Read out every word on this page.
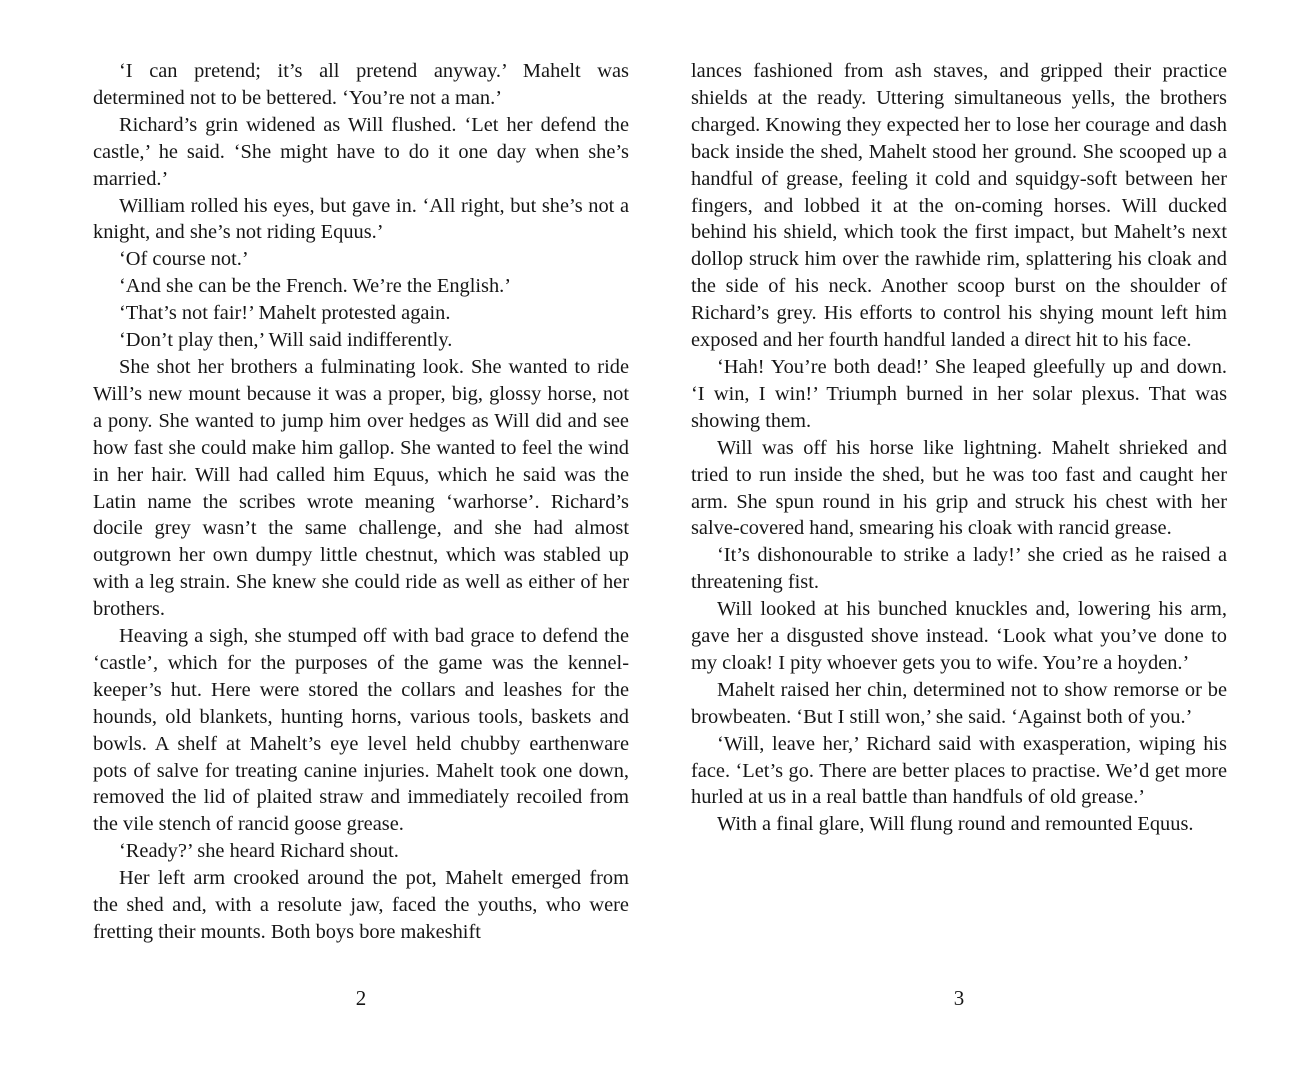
‘I can pretend; it’s all pretend anyway.’ Mahelt was determined not to be bettered. ‘You’re not a man.’

Richard’s grin widened as Will flushed. ‘Let her defend the castle,’ he said. ‘She might have to do it one day when she’s married.’

William rolled his eyes, but gave in. ‘All right, but she’s not a knight, and she’s not riding Equus.’

‘Of course not.’

‘And she can be the French. We’re the English.’

‘That’s not fair!’ Mahelt protested again.

‘Don’t play then,’ Will said indifferently.

She shot her brothers a fulminating look. She wanted to ride Will’s new mount because it was a proper, big, glossy horse, not a pony. She wanted to jump him over hedges as Will did and see how fast she could make him gallop. She wanted to feel the wind in her hair. Will had called him Equus, which he said was the Latin name the scribes wrote meaning ‘warhorse’. Richard’s docile grey wasn’t the same challenge, and she had almost outgrown her own dumpy little chestnut, which was stabled up with a leg strain. She knew she could ride as well as either of her brothers.

Heaving a sigh, she stumped off with bad grace to defend the ‘castle’, which for the purposes of the game was the kennel-keeper’s hut. Here were stored the collars and leashes for the hounds, old blankets, hunting horns, various tools, baskets and bowls. A shelf at Mahelt’s eye level held chubby earthenware pots of salve for treating canine injuries. Mahelt took one down, removed the lid of plaited straw and immediately recoiled from the vile stench of rancid goose grease.

‘Ready?’ she heard Richard shout.

Her left arm crooked around the pot, Mahelt emerged from the shed and, with a resolute jaw, faced the youths, who were fretting their mounts. Both boys bore makeshift

lances fashioned from ash staves, and gripped their practice shields at the ready. Uttering simultaneous yells, the brothers charged. Knowing they expected her to lose her courage and dash back inside the shed, Mahelt stood her ground. She scooped up a handful of grease, feeling it cold and squidgy-soft between her fingers, and lobbed it at the on-coming horses. Will ducked behind his shield, which took the first impact, but Mahelt’s next dollop struck him over the rawhide rim, splattering his cloak and the side of his neck. Another scoop burst on the shoulder of Richard’s grey. His efforts to control his shying mount left him exposed and her fourth handful landed a direct hit to his face.

‘Hah! You’re both dead!’ She leaped gleefully up and down. ‘I win, I win!’ Triumph burned in her solar plexus. That was showing them.

Will was off his horse like lightning. Mahelt shrieked and tried to run inside the shed, but he was too fast and caught her arm. She spun round in his grip and struck his chest with her salve-covered hand, smearing his cloak with rancid grease.

‘It’s dishonourable to strike a lady!’ she cried as he raised a threatening fist.

Will looked at his bunched knuckles and, lowering his arm, gave her a disgusted shove instead. ‘Look what you’ve done to my cloak! I pity whoever gets you to wife. You’re a hoyden.’

Mahelt raised her chin, determined not to show remorse or be browbeaten. ‘But I still won,’ she said. ‘Against both of you.’

‘Will, leave her,’ Richard said with exasperation, wiping his face. ‘Let’s go. There are better places to practise. We’d get more hurled at us in a real battle than handfuls of old grease.’

With a final glare, Will flung round and remounted Equus.

2	3
